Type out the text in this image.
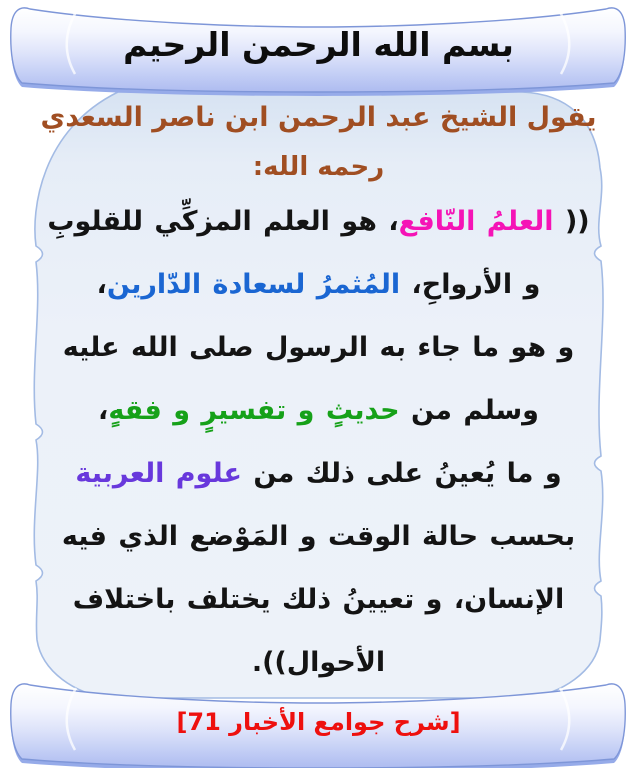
بسم الله الرحمن الرحيم
يقول الشيخ عبد الرحمن ابن ناصر السعدي
رحمه الله:
(( العلمُ النّافع، هو العلم المزكِّي للقلوبِ
و الأرواحِ، المُثمرُ لسعادة الدّارين،
و هو ما جاء به الرسول صلى الله عليه
وسلم من حديثٍ و تفسيرٍ و فقهٍ،
و ما يُعينُ على ذلك من علوم العربية
بحسب حالة الوقت و المَوْضع الذي فيه
الإنسان، و تعيينُ ذلك يختلف باختلاف
الأحوال)).
[شرح جوامع الأخبار 71]
